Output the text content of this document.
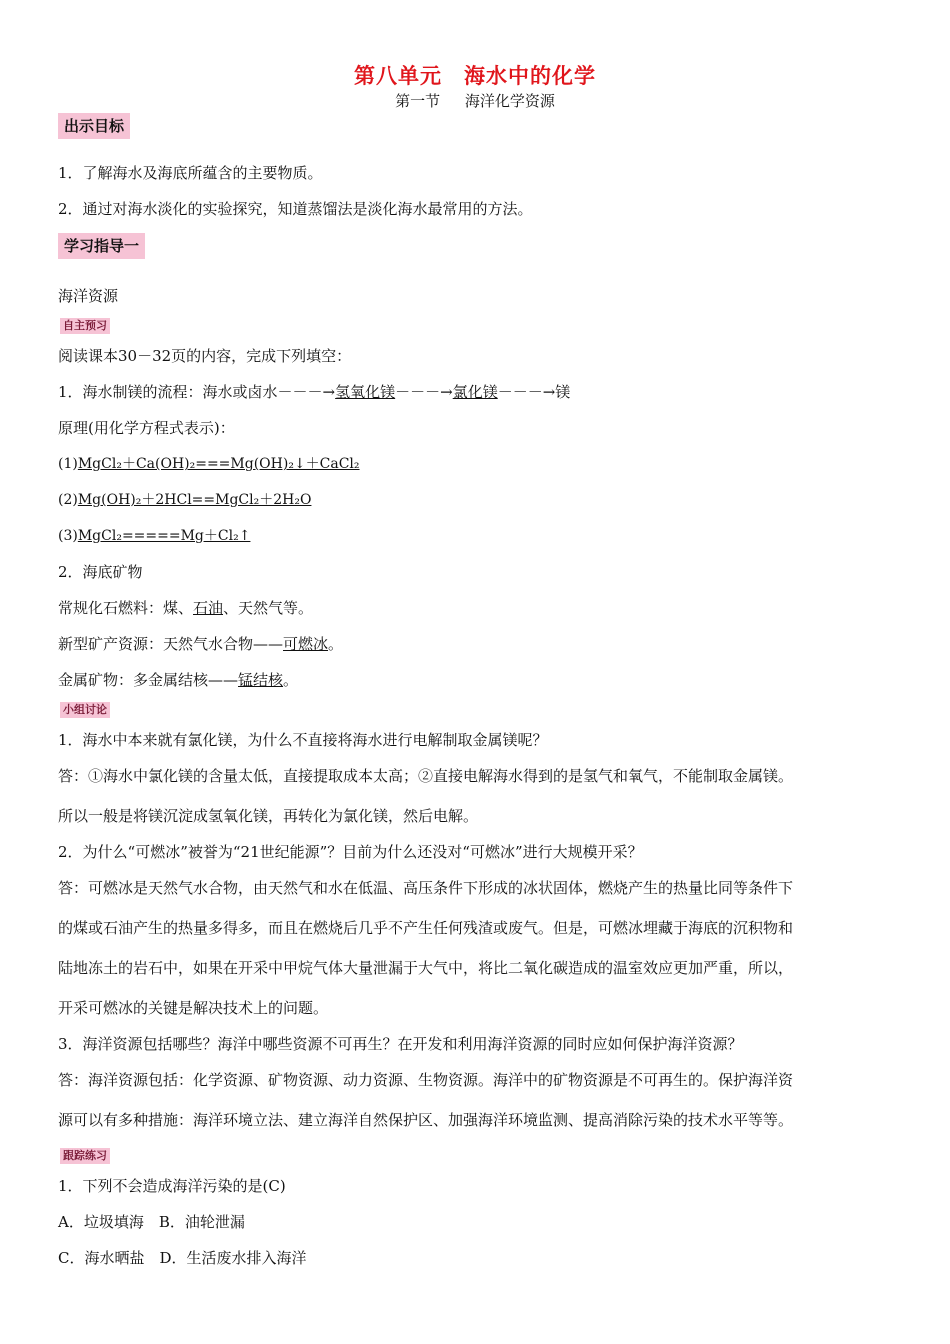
第八单元　海水中的化学
第一节 海洋化学资源
出示目标
1．了解海水及海底所蕴含的主要物质。
2．通过对海水淡化的实验探究，知道蒸馏法是淡化海水最常用的方法。
学习指导一
海洋资源
自主预习
阅读课本30－32页的内容，完成下列填空：
1．海水制镁的流程：海水或卤水－－－→氢氧化镁－－－→氯化镁－－－→镁
原理(用化学方程式表示)：
(1)MgCl₂＋Ca(OH)₂===Mg(OH)₂↓＋CaCl₂
(2)Mg(OH)₂＋2HCl==MgCl₂＋2H₂O
(3)MgCl₂=====Mg＋Cl₂↑
2．海底矿物
常规化石燃料：煤、石油、天然气等。
新型矿产资源：天然气水合物——可燃冰。
金属矿物：多金属结核——锰结核。
小组讨论
1．海水中本来就有氯化镁，为什么不直接将海水进行电解制取金属镁呢？
答：①海水中氯化镁的含量太低，直接提取成本太高；②直接电解海水得到的是氢气和氧气，不能制取金属镁。
所以一般是将镁沉淀成氢氧化镁，再转化为氯化镁，然后电解。
2．为什么“可燃冰”被誉为“21世纪能源”？目前为什么还没对“可燃冰”进行大规模开采？
答：可燃冰是天然气水合物，由天然气和水在低温、高压条件下形成的冰状固体，燃烧产生的热量比同等条件下
的煤或石油产生的热量多得多，而且在燃烧后几乎不产生任何残渣或废气。但是，可燃冰埋藏于海底的沉积物和
陆地冻土的岩石中，如果在开采中甲烷气体大量泄漏于大气中，将比二氧化碳造成的温室效应更加严重，所以，
开采可燃冰的关键是解决技术上的问题。
3．海洋资源包括哪些？海洋中哪些资源不可再生？在开发和利用海洋资源的同时应如何保护海洋资源？
答：海洋资源包括：化学资源、矿物资源、动力资源、生物资源。海洋中的矿物资源是不可再生的。保护海洋资
源可以有多种措施：海洋环境立法、建立海洋自然保护区、加强海洋环境监测、提高消除污染的技术水平等等。
跟踪练习
1．下列不会造成海洋污染的是(C)
A．垃圾填海　B．油轮泄漏
C．海水晒盐　D．生活废水排入海洋
